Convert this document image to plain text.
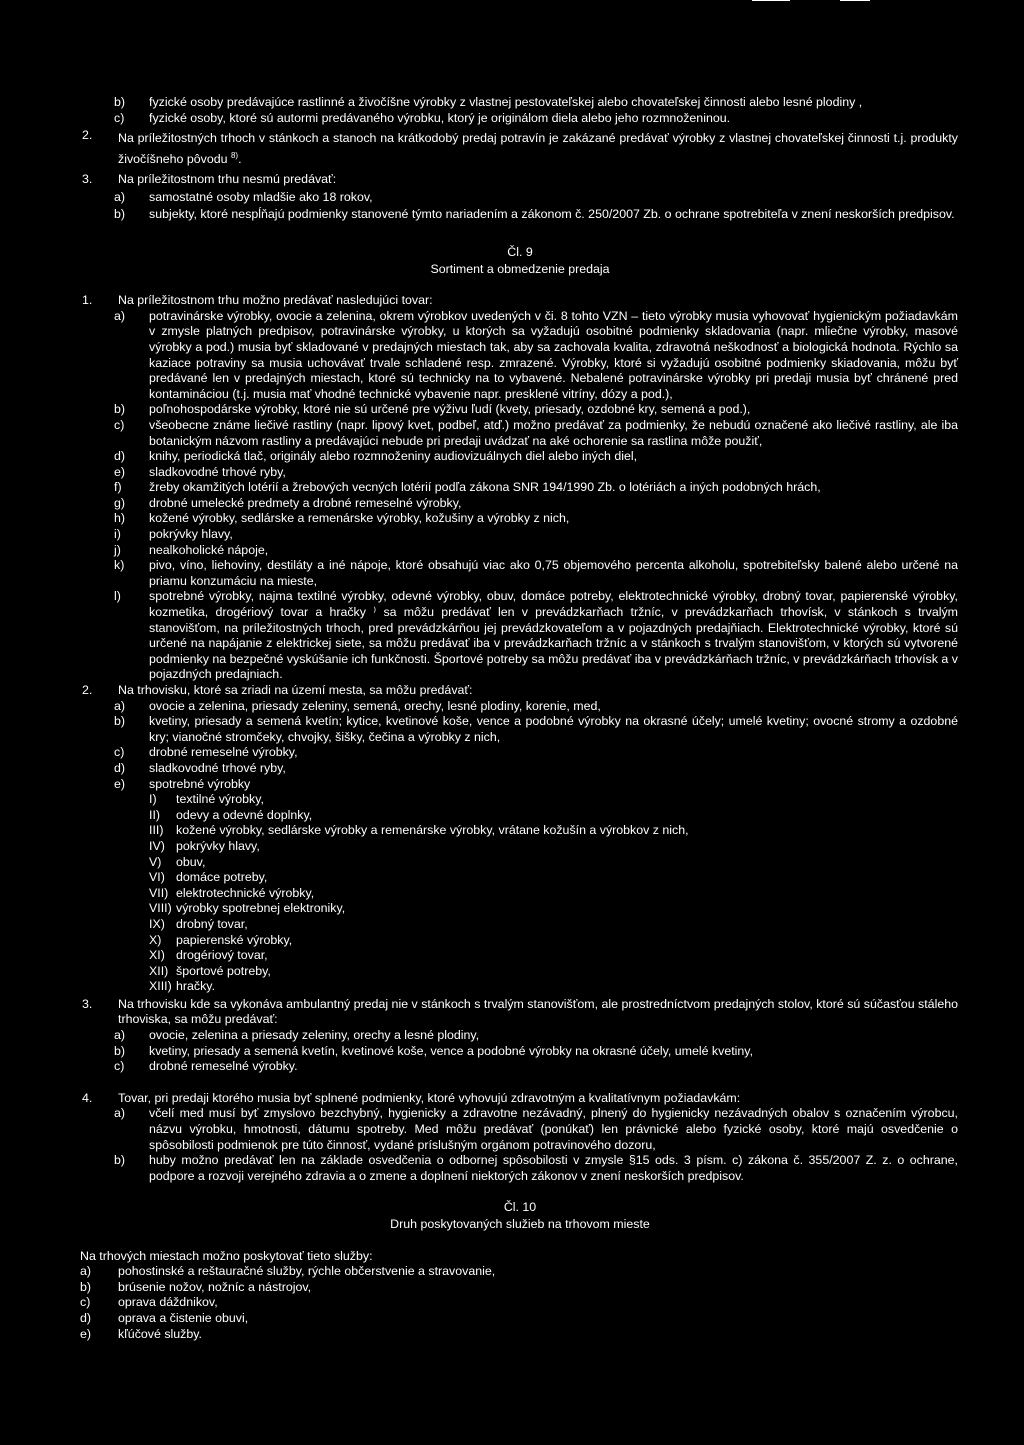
b)	fyzické osoby predávajúce rastlinné a živočíšne výrobky z vlastnej pestovateľskej alebo chovateľskej činnosti alebo lesné plodiny ,
c)	fyzické osoby, ktoré sú autormi predávaného výrobku, ktorý je originálom diela alebo jeho rozmnoženinou.
2.	Na príležitostných trhoch v stánkoch a stanoch na krátkodobý predaj potravín je zakázané predávať výrobky z vlastnej chovateľskej činnosti t.j. produkty živočíšneho pôvodu $^{8)}$.
3.	Na príležitostnom trhu nesmú predávať:
a)	samostatné osoby mladšie ako 18 rokov,
b)	subjekty, ktoré nespĺňajú podmienky stanovené týmto nariadením a zákonom č. 250/2007 Zb. o ochrane spotrebiteľa v znení neskorších predpisov.
Čl. 9
Sortiment a obmedzenie predaja
1.	Na príležitostnom trhu možno predávať nasledujúci tovar:
a)	potravinárske výrobky, ovocie a zelenina, okrem výrobkov uvedených v či. 8 tohto VZN – tieto výrobky musia vyhovovať hygienickým požiadavkám v zmysle platných predpisov, potravinárske výrobky, u ktorých sa vyžadujú osobitné podmienky skladovania (napr. mliečne výrobky, masové výrobky a pod.) musia byť skladované v predajných miestach tak, aby sa zachovala kvalita, zdravotná neškodnosť a biologická hodnota. Rýchlo sa kaziace potraviny sa musia uchovávať trvale schladené resp. zmrazené. Výrobky, ktoré si vyžadujú osobitné podmienky skiadovania, môžu byť predávané len v predajných miestach, ktoré sú technicky na to vybavené. Nebalené potravinárske výrobky pri predaji musia byť chránené pred kontamináciou (t.j. musia mať vhodné technické vybavenie napr. presklené vitríny, dózy a pod.),
b)	poľnohospodárske výrobky, ktoré nie sú určené pre výživu ľudí (kvety, priesady, ozdobné kry, semená a pod.),
c)	všeobecne známe liečivé rastliny (napr. lipový kvet, podbeľ, atď.) možno predávať za podmienky, že nebudú označené ako liečivé rastliny, ale iba botanickým názvom rastliny a predávajúci nebude pri predaji uvádzať na aké ochorenie sa rastlina môže použiť,
d)	knihy, periodická tlač, originály alebo rozmnoženiny audiovizuálnych diel alebo iných diel,
e)	sladkovodné trhové ryby,
f)	žreby okamžitých lotérií a žrebových vecných lotérií podľa zákona SNR 194/1990 Zb. o lotériách a iných podobných hrách,
g)	drobné umelecké predmety a drobné remeselné výrobky,
h)	kožené výrobky, sedlárske a remenárske výrobky, kožušiny a výrobky z nich,
i)	pokrývky hlavy,
j)	nealkoholické nápoje,
k)	pivo, víno, liehoviny, destiláty a iné nápoje, ktoré obsahujú viac ako 0,75 objemového percenta alkoholu, spotrebiteľsky balené alebo určené na priamu konzumáciu na mieste,
l)	spotrebné výrobky, najma textilné výrobky, odevné výrobky, obuv, domáce potreby, elektrotechnické výrobky, drobný tovar, papierenské výrobky, kozmetika, drogériový tovar a hračky ⁾ sa môžu predávať len v prevádzkarňach tržníc, v prevádzkarňach trhovísk, v stánkoch s trvalým stanovišťom, na príležitostných trhoch, pred prevádzkárňou jej prevádzkovateľom a v pojazdných predajňiach. Elektrotechnické výrobky, ktoré sú určené na napájanie z elektrickej siete, sa môžu predávať iba v prevádzkarňach tržníc a v stánkoch s trvalým stanovišťom, v ktorých sú vytvorené podmienky na bezpečné vyskúšanie ich funkčnosti. Športové potreby sa môžu predávať iba v prevádzkárňach tržníc, v prevádzkárňach trhovísk a v pojazdných predajniach.
2.	Na trhovisku, ktoré sa zriadi na území mesta, sa môžu predávať:
a)	ovocie a zelenina, priesady zeleniny, semená, orechy, lesné plodiny, korenie, med,
b)	kvetiny, priesady a semená kvetín; kytice, kvetinové koše, vence a podobné výrobky na okrasné účely; umelé kvetiny; ovocné stromy a ozdobné kry; vianočné stromčeky, chvojky, šišky, čečina a výrobky z nich,
c)	drobné remeselné výrobky,
d)	sladkovodné trhové ryby,
e)	spotrebné výrobky
I)	textilné výrobky,
II)	odevy a odevné doplnky,
III)	kožené výrobky, sedlárske výrobky a remenárske výrobky, vrátane kožušín a výrobkov z nich,
IV) pokrývky hlavy,
V)	obuv,
VI) domáce potreby,
VII) elektrotechnické výrobky,
VIII) výrobky spotrebnej elektroniky,
IX) drobný tovar,
X)	papierenské výrobky,
XI) drogériový tovar,
XII) športové potreby,
XIII) hračky.
3.	Na trhovisku kde sa vykonáva ambulantný predaj nie v stánkoch s trvalým stanovišťom, ale prostredníctvom predajných stolov, ktoré sú súčasťou stáleho trhoviska, sa môžu predávať:
a)	ovocie, zelenina a priesady zeleniny, orechy a lesné plodiny,
b)	kvetiny, priesady a semená kvetín, kvetinové koše, vence a podobné výrobky na okrasné účely, umelé kvetiny,
c)	drobné remeselné výrobky.
4.	Tovar, pri predaji ktorého musia byť splnené podmienky, ktoré vyhovujú zdravotným a kvalitatívnym požiadavkám:
a)	včelí med musí byť zmyslovo bezchybný, hygienicky a zdravotne nezávadný, plnený do hygienicky nezávadných obalov s označením výrobcu, názvu výrobku, hmotnosti, dátumu spotreby. Med môžu predávať (ponúkať) len právnické alebo fyzické osoby, ktoré majú osvedčenie o spôsobilosti podmienok pre túto činnosť, vydané príslušným orgánom potravinového dozoru,
b)	huby možno predávať len na základe osvedčenia o odbornej spôsobilosti v zmysle §15 ods. 3 písm. c) zákona č. 355/2007 Z. z. o ochrane, podpore a rozvoji verejného zdravia a o zmene a doplnení niektorých zákonov v znení neskorších predpisov.
Čl. 10
Druh poskytovaných služieb na trhovom mieste
Na trhových miestach možno poskytovať tieto služby:
a)	pohostinské a reštauračné služby, rýchle občerstvenie a stravovanie,
b)	brúsenie nožov, nožníc a nástrojov,
c)	oprava dáždnikov,
d)	oprava a čistenie obuvi,
e)	kľúčové služby.
